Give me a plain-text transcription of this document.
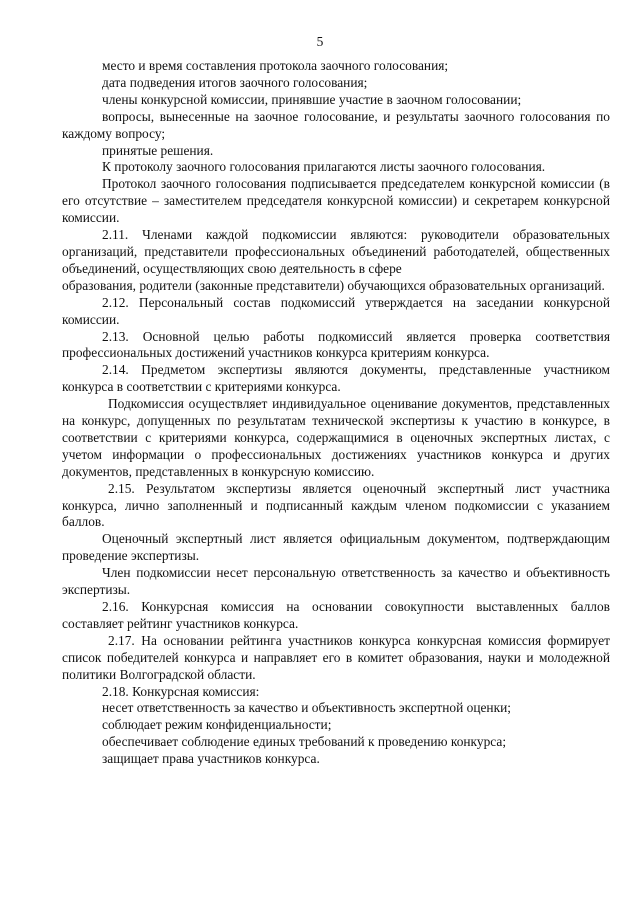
5

место и время составления протокола заочного голосования;

дата подведения итогов заочного голосования;

члены конкурсной комиссии, принявшие участие в заочном голосовании;

вопросы, вынесенные на заочное голосование, и результаты заочного голосования по каждому вопросу;

принятые решения.

К протоколу заочного голосования прилагаются листы заочного голосования.

Протокол заочного голосования подписывается председателем конкурсной комиссии (в его отсутствие – заместителем председателя конкурсной комиссии) и секретарем конкурсной комиссии.

2.11. Членами каждой подкомиссии являются: руководители образовательных организаций, представители профессиональных объединений работодателей, общественных объединений, осуществляющих свою деятельность в сфере

образования, родители (законные представители) обучающихся образовательных организаций.

2.12. Персональный состав подкомиссий утверждается на заседании конкурсной комиссии.

2.13. Основной целью работы подкомиссий является проверка соответствия профессиональных достижений участников конкурса критериям конкурса.

2.14. Предметом экспертизы являются документы, представленные участником конкурса в соответствии с критериями конкурса.

Подкомиссия осуществляет индивидуальное оценивание документов, представленных на конкурс, допущенных по результатам технической экспертизы к участию в конкурсе, в соответствии с критериями конкурса, содержащимися в оценочных экспертных листах, с учетом информации о профессиональных достижениях участников конкурса и других документов, представленных в конкурсную комиссию.

2.15. Результатом экспертизы является оценочный экспертный лист участника конкурса, лично заполненный и подписанный каждым членом подкомиссии с указанием баллов.

Оценочный экспертный лист является официальным документом, подтверждающим проведение экспертизы.

Член подкомиссии несет персональную ответственность за качество и объективность экспертизы.

2.16. Конкурсная комиссия на основании совокупности выставленных баллов составляет рейтинг участников конкурса.

2.17. На основании рейтинга участников конкурса конкурсная комиссия формирует список победителей конкурса и направляет его в комитет образования, науки и молодежной политики Волгоградской области.

2.18. Конкурсная комиссия:

несет ответственность за качество и объективность экспертной оценки;

соблюдает режим конфиденциальности;

обеспечивает соблюдение единых требований к проведению конкурса;

защищает права участников конкурса.
